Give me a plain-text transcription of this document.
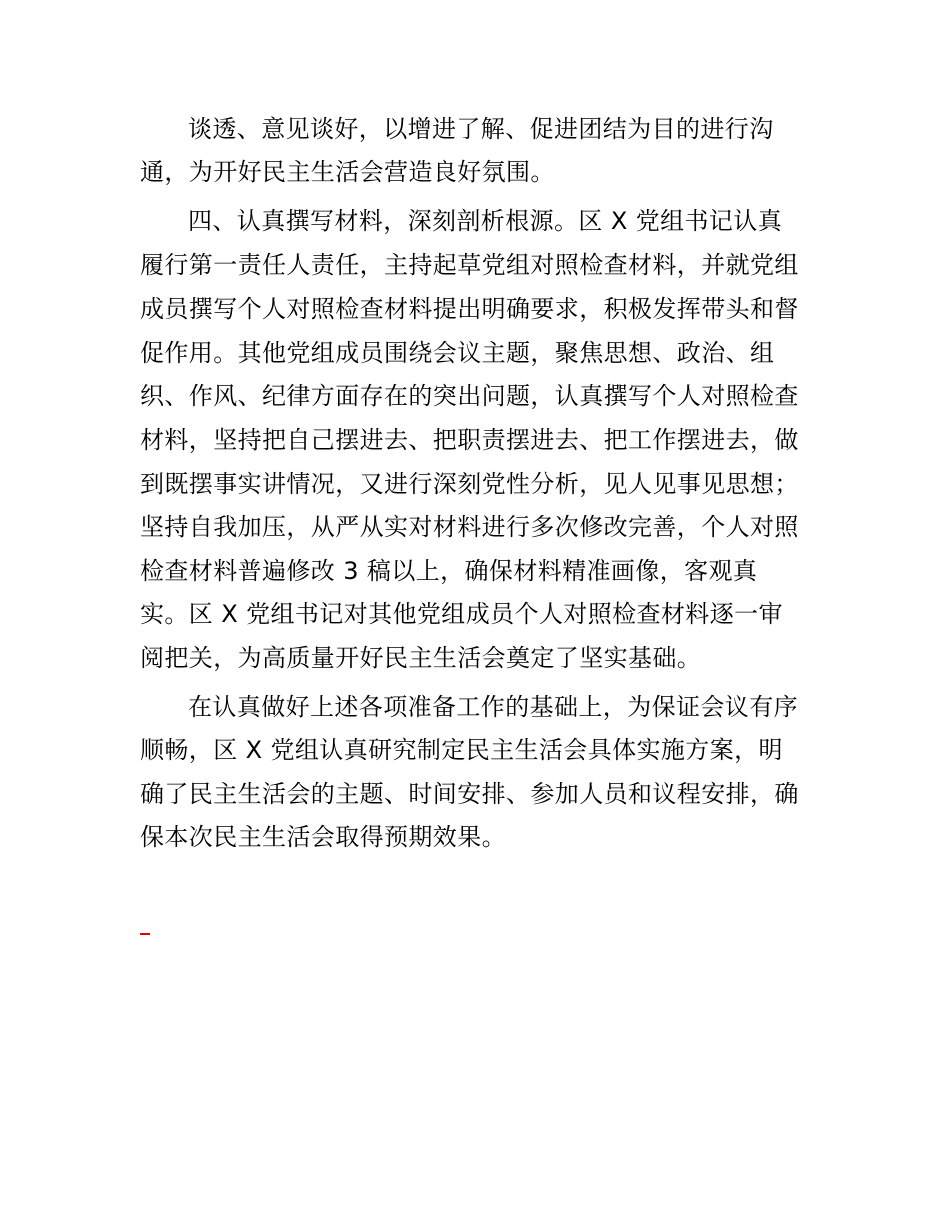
谈透、意见谈好，以增进了解、促进团结为目的进行沟
通，为开好民主生活会营造良好氛围。
四、认真撰写材料，深刻剖析根源。区 X 党组书记认真
履行第一责任人责任，主持起草党组对照检查材料，并就党组
成员撰写个人对照检查材料提出明确要求，积极发挥带头和督
促作用。其他党组成员围绕会议主题，聚焦思想、政治、组
织、作风、纪律方面存在的突出问题，认真撰写个人对照检查
材料，坚持把自己摆进去、把职责摆进去、把工作摆进去，做
到既摆事实讲情况，又进行深刻党性分析，见人见事见思想；
坚持自我加压，从严从实对材料进行多次修改完善，个人对照
检查材料普遍修改 3 稿以上，确保材料精准画像，客观真
实。区 X 党组书记对其他党组成员个人对照检查材料逐一审
阅把关，为高质量开好民主生活会奠定了坚实基础。
在认真做好上述各项准备工作的基础上，为保证会议有序
顺畅，区 X 党组认真研究制定民主生活会具体实施方案，明
确了民主生活会的主题、时间安排、参加人员和议程安排，确
保本次民主生活会取得预期效果。
